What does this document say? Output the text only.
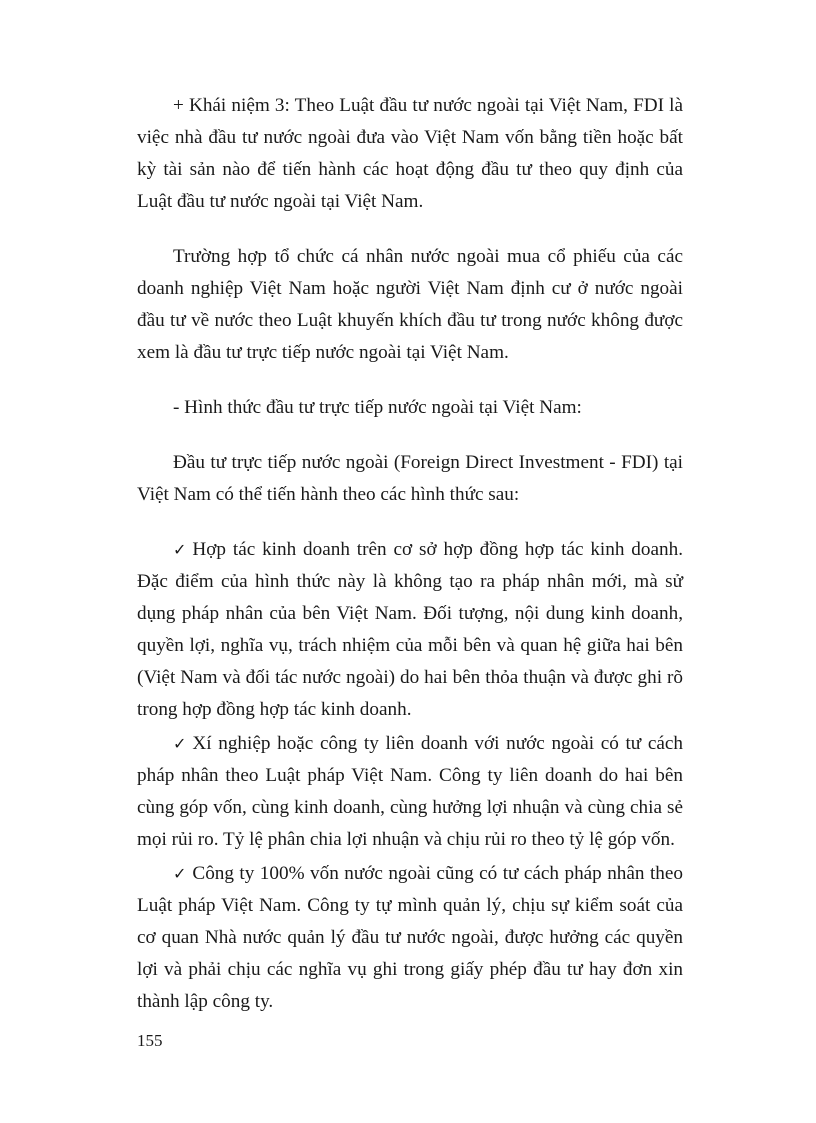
+ Khái niệm 3: Theo Luật đầu tư nước ngoài tại Việt Nam, FDI là việc nhà đầu tư nước ngoài đưa vào Việt Nam vốn bằng tiền hoặc bất kỳ tài sản nào để tiến hành các hoạt động đầu tư theo quy định của Luật đầu tư nước ngoài tại Việt Nam.

Trường hợp tổ chức cá nhân nước ngoài mua cổ phiếu của các doanh nghiệp Việt Nam hoặc người Việt Nam định cư ở nước ngoài đầu tư về nước theo Luật khuyến khích đầu tư trong nước không được xem là đầu tư trực tiếp nước ngoài tại Việt Nam.

- Hình thức đầu tư trực tiếp nước ngoài tại Việt Nam:

Đầu tư trực tiếp nước ngoài (Foreign Direct Investment - FDI) tại Việt Nam có thể tiến hành theo các hình thức sau:

✓ Hợp tác kinh doanh trên cơ sở hợp đồng hợp tác kinh doanh. Đặc điểm của hình thức này là không tạo ra pháp nhân mới, mà sử dụng pháp nhân của bên Việt Nam. Đối tượng, nội dung kinh doanh, quyền lợi, nghĩa vụ, trách nhiệm của mỗi bên và quan hệ giữa hai bên (Việt Nam và đối tác nước ngoài) do hai bên thỏa thuận và được ghi rõ trong hợp đồng hợp tác kinh doanh.

✓ Xí nghiệp hoặc công ty liên doanh với nước ngoài có tư cách pháp nhân theo Luật pháp Việt Nam. Công ty liên doanh do hai bên cùng góp vốn, cùng kinh doanh, cùng hưởng lợi nhuận và cùng chia sẻ mọi rủi ro. Tỷ lệ phân chia lợi nhuận và chịu rủi ro theo tỷ lệ góp vốn.

✓ Công ty 100% vốn nước ngoài cũng có tư cách pháp nhân theo Luật pháp Việt Nam. Công ty tự mình quản lý, chịu sự kiểm soát của cơ quan Nhà nước quản lý đầu tư nước ngoài, được hưởng các quyền lợi và phải chịu các nghĩa vụ ghi trong giấy phép đầu tư hay đơn xin thành lập công ty.

155
